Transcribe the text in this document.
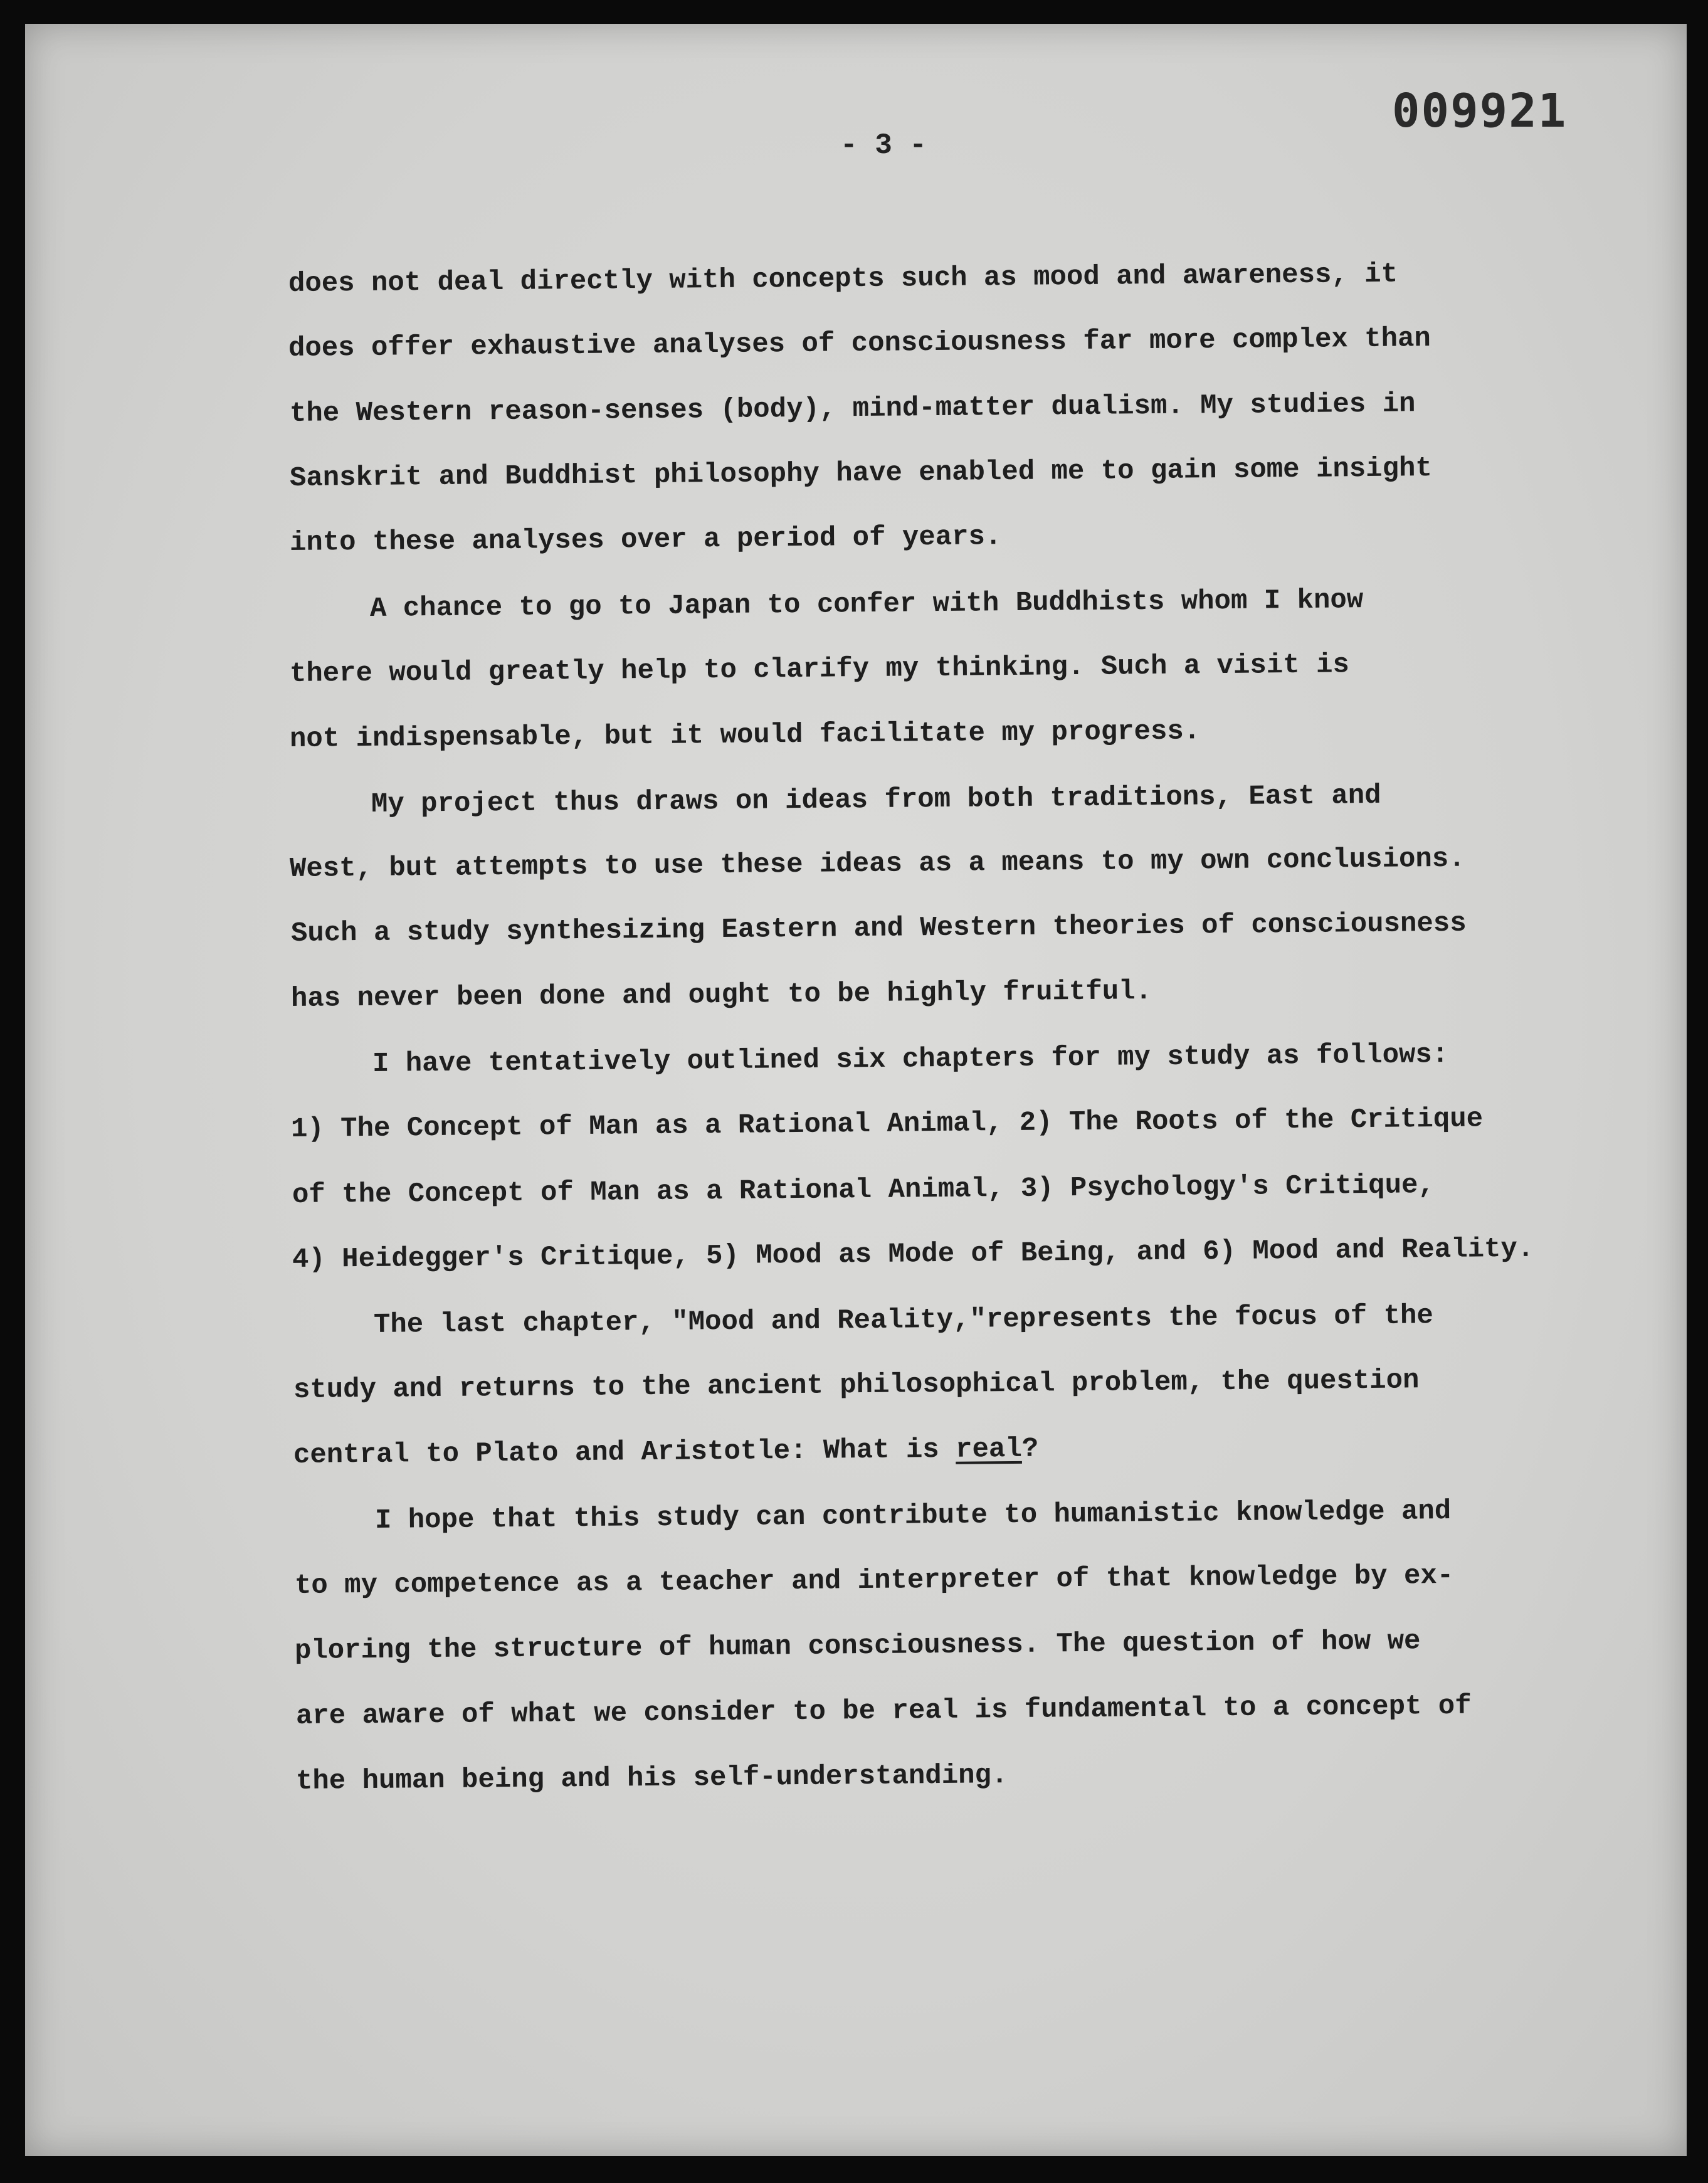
009921
- 3 -
does not deal directly with concepts such as mood and awareness, it
does offer exhaustive analyses of consciousness far more complex than
the Western reason-senses (body), mind-matter dualism. My studies in
Sanskrit and Buddhist philosophy have enabled me to gain some insight
into these analyses over a period of years.
A chance to go to Japan to confer with Buddhists whom I know
there would greatly help to clarify my thinking. Such a visit is
not indispensable, but it would facilitate my progress.
My project thus draws on ideas from both traditions, East and
West, but attempts to use these ideas as a means to my own conclusions.
Such a study synthesizing Eastern and Western theories of consciousness
has never been done and ought to be highly fruitful.
I have tentatively outlined six chapters for my study as follows:
1) The Concept of Man as a Rational Animal, 2) The Roots of the Critique
of the Concept of Man as a Rational Animal, 3) Psychology's Critique,
4) Heidegger's Critique, 5) Mood as Mode of Being, and 6) Mood and Reality.
The last chapter, "Mood and Reality,"represents the focus of the
study and returns to the ancient philosophical problem, the question
central to Plato and Aristotle: What is real?
I hope that this study can contribute to humanistic knowledge and
to my competence as a teacher and interpreter of that knowledge by ex-
ploring the structure of human consciousness. The question of how we
are aware of what we consider to be real is fundamental to a concept of
the human being and his self-understanding.
